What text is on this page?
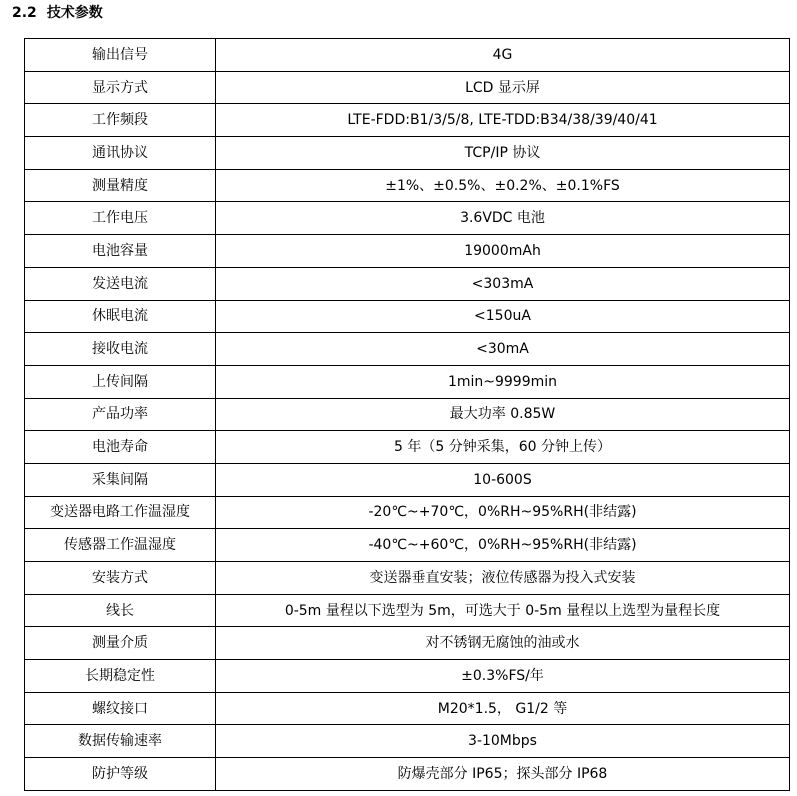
2.2 技术参数
输出信号	4G
显示方式	LCD 显示屏
工作频段	LTE-FDD:B1/3/5/8, LTE-TDD:B34/38/39/40/41
通讯协议	TCP/IP 协议
测量精度	±1%、±0.5%、±0.2%、±0.1%FS
工作电压	3.6VDC 电池
电池容量	19000mAh
发送电流	<303mA
休眠电流	<150uA
接收电流	<30mA
上传间隔	1min~9999min
产品功率	最大功率 0.85W
电池寿命	5 年（5 分钟采集，60 分钟上传）
采集间隔	10-600S
变送器电路工作温湿度	-20℃~+70℃，0%RH~95%RH(非结露)
传感器工作温湿度	-40℃~+60℃，0%RH~95%RH(非结露)
安装方式	变送器垂直安装；液位传感器为投入式安装
线长	0-5m 量程以下选型为 5m，可选大于 0-5m 量程以上选型为量程长度
测量介质	对不锈钢无腐蚀的油或水
长期稳定性	±0.3%FS/年
螺纹接口	M20*1.5， G1/2 等
数据传输速率	3-10Mbps
防护等级	防爆壳部分 IP65；探头部分 IP68
